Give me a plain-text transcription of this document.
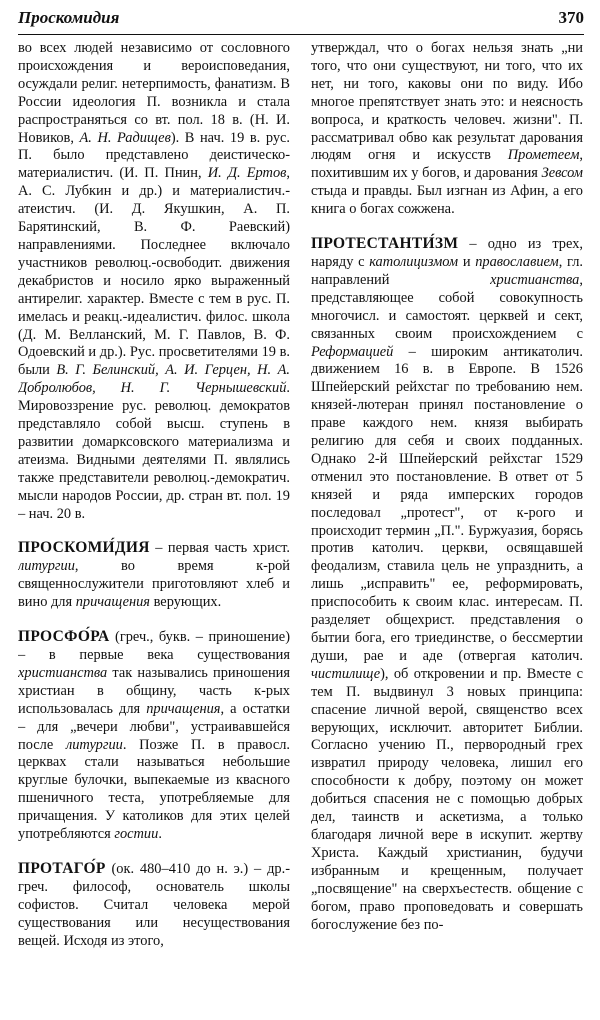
Проскомидия	370

во всех людей независимо от сословного происхождения и вероисповедания, осуждали религ. нетерпимость, фанатизм. В России идеология П. возникла и стала распространяться со вт. пол. 18 в. (Н. И. Новиков, А. Н. Радищев). В нач. 19 в. рус. П. было представлено деистическо-материалистич. (И. П. Пнин, И. Д. Ертов, А. С. Лубкин и др.) и материалистич.-атеистич. (И. Д. Якушкин, А. П. Барятинский, В. Ф. Раевский) направлениями. Последнее включало участников революц.-освободит. движения декабристов и носило ярко выраженный антирелиг. характер. Вместе с тем в рус. П. имелась и реакц.-идеалистич. филос. школа (Д. М. Велланский, М. Г. Павлов, В. Ф. Одоевский и др.). Рус. просветителями 19 в. были В. Г. Белинский, А. И. Герцен, Н. А. Добролюбов, Н. Г. Чернышевский. Мировоззрение рус. революц. демократов представляло собой высш. ступень в развитии домарксовского материализма и атеизма. Видными деятелями П. являлись также представители революц.-демократич. мысли народов России, др. стран вт. пол. 19 – нач. 20 в.

ПРОСКОМИ́ДИЯ – первая часть христ. литургии, во время к-рой священнослужители приготовляют хлеб и вино для причащения верующих.

ПРОСФО́РА (греч., букв. – приношение) – в первые века существования христианства так назывались приношения христиан в общину, часть к-рых использовалась для причащения, а остатки – для „вечери любви", устраивавшейся после литургии. Позже П. в правосл. церквах стали называться небольшие круглые булочки, выпекаемые из квасного пшеничного теста, употребляемые для причащения. У католиков для этих целей употребляются гостии.

ПРОТАГО́Р (ок. 480–410 до н. э.) – др.-греч. философ, основатель школы софистов. Считал человека мерой существования или несуществования вещей. Исходя из этого,

утверждал, что о богах нельзя знать „ни того, что они существуют, ни того, что их нет, ни того, каковы они по виду. Ибо многое препятствует знать это: и неясность вопроса, и краткость человеч. жизни". П. рассматривал обво как результат дарования людям огня и искусств Прометеем, похитившим их у богов, и дарования Зевсом стыда и правды. Был изгнан из Афин, а его книга о богах сожжена.

ПРОТЕСТАНТИ́ЗМ – одно из трех, наряду с католицизмом и православием, гл. направлений христианства, представляющее собой совокупность многочисл. и самостоят. церквей и сект, связанных своим происхождением с Реформацией – широким антикатолич. движением 16 в. в Европе. В 1526 Шпейерский рейхстаг по требованию нем. князей-лютеран принял постановление о праве каждого нем. князя выбирать религию для себя и своих подданных. Однако 2-й Шпейерский рейхстаг 1529 отменил это постановление. В ответ от 5 князей и ряда имперских городов последовал „протест", от к-рого и происходит термин „П.". Буржуазия, борясь против католич. церкви, освящавшей феодализм, ставила цель не упразднить, а лишь „исправить" ее, реформировать, приспособить к своим клас. интересам. П. разделяет общехрист. представления о бытии бога, его триединстве, о бессмертии души, рае и аде (отвергая католич. чистилище), об откровении и пр. Вместе с тем П. выдвинул 3 новых принципа: спасение личной верой, священство всех верующих, исключит. авторитет Библии. Согласно учению П., первородный грех извратил природу человека, лишил его способности к добру, поэтому он может добиться спасения не с помощью добрых дел, таинств и аскетизма, а только благодаря личной вере в искупит. жертву Христа. Каждый христианин, будучи избранным и крещенным, получает „посвящение" на сверхъестеств. общение с богом, право проповедовать и совершать богослужение без по-
